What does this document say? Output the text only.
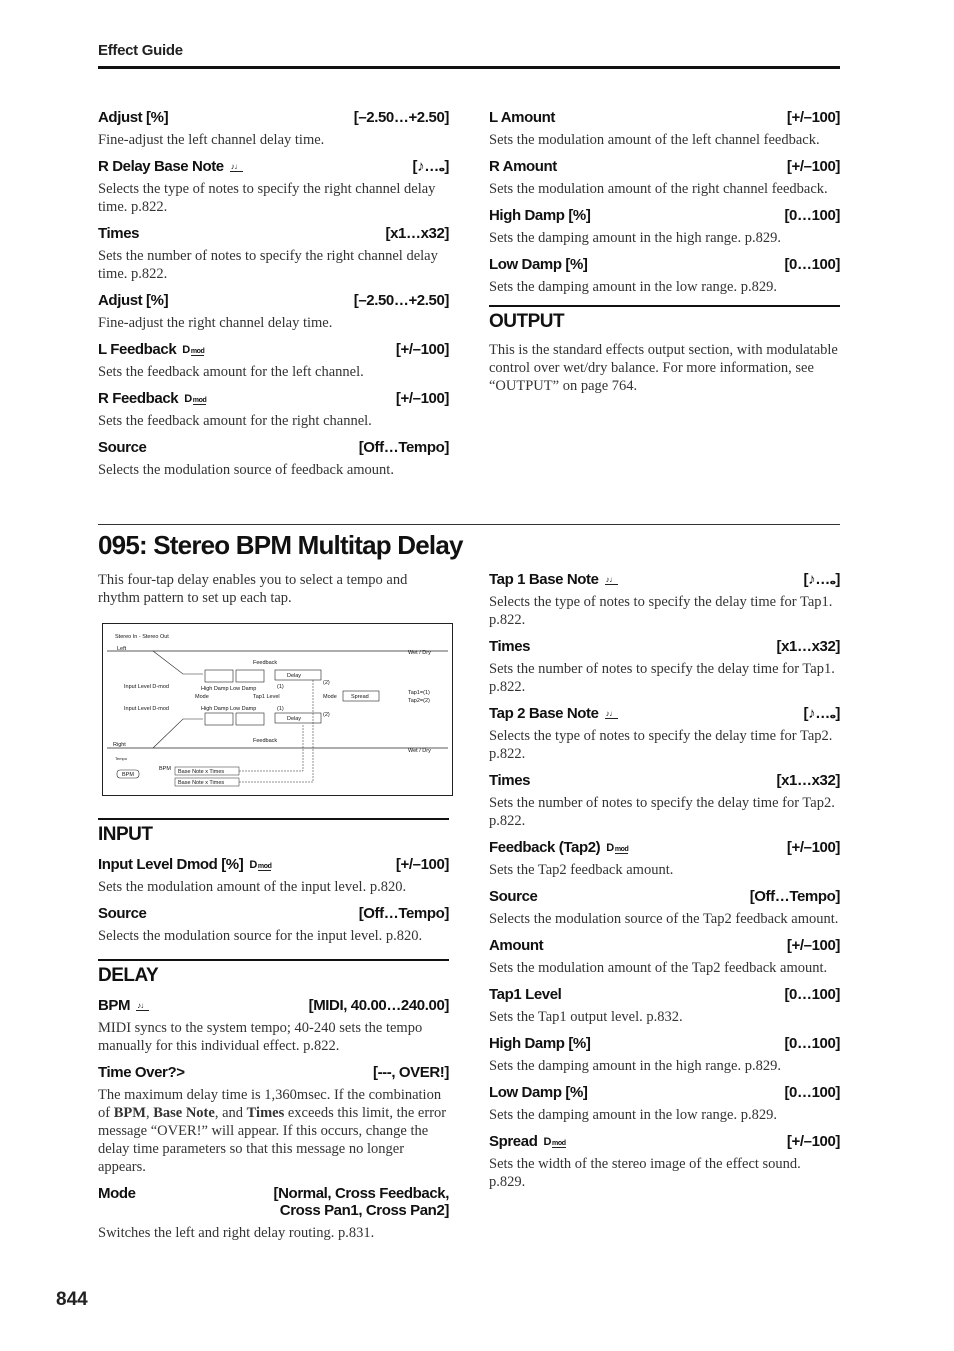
Effect Guide
Adjust [%]	[–2.50…+2.50]

Fine-adjust the left channel delay time.

R Delay Base Note ♪♩	[♪…𝅝]

Selects the type of notes to specify the right channel delay time. p.822.

Times	[x1…x32]

Sets the number of notes to specify the right channel delay time. p.822.

Adjust [%]	[–2.50…+2.50]

Fine-adjust the right channel delay time.

L Feedback D mod	[+/–100]

Sets the feedback amount for the left channel.

R Feedback D mod	[+/–100]

Sets the feedback amount for the right channel.

Source	[Off…Tempo]

Selects the modulation source of feedback amount.

L Amount	[+/–100]

Sets the modulation amount of the left channel feedback.

R Amount	[+/–100]

Sets the modulation amount of the right channel feedback.

High Damp [%]	[0…100]

Sets the damping amount in the high range. p.829.

Low Damp [%]	[0…100]

Sets the damping amount in the low range. p.829.

OUTPUT

This is the standard effects output section, with modulatable control over wet/dry balance. For more information, see “OUTPUT” on page 764.

095: Stereo BPM Multitap Delay

This four-tap delay enables you to select a tempo and rhythm pattern to set up each tap.

Stereo In - Stereo Out
Left
Right
Tempo
BPM
BPM
Input Level D-mod
Input Level D-mod
High Damp Low Damp
High Damp Low Damp
Mode	Tap1 Level
Delay
Delay
Feedback
Feedback
(1)
(1)
(2)
(2)
Mode	Spread
Wet / Dry
Wet / Dry
Tap1=(1)
Tap2=(2)
Base Note x Times
Base Note x Times
INPUT
Input Level Dmod [%] D mod	[+/–100]

Sets the modulation amount of the input level. p.820.

Source	[Off…Tempo]

Selects the modulation source for the input level. p.820.

DELAY
BPM ♪♩	[MIDI, 40.00…240.00]

MIDI syncs to the system tempo; 40-240 sets the tempo manually for this individual effect. p.822.

Time Over?>	[---, OVER!]

The maximum delay time is 1,360msec. If the combination of BPM, Base Note, and Times exceeds this limit, the error message “OVER!” will appear. If this occurs, change the delay time parameters so that this message no longer appears.

Mode	[Normal, Cross Feedback,
Cross Pan1, Cross Pan2]

Switches the left and right delay routing. p.831.

Tap 1 Base Note ♪♩	[♪…𝅝]

Selects the type of notes to specify the delay time for Tap1. p.822.

Times	[x1…x32]

Sets the number of notes to specify the delay time for Tap1. p.822.

Tap 2 Base Note ♪♩	[♪…𝅝]

Selects the type of notes to specify the delay time for Tap2. p.822.

Times	[x1…x32]

Sets the number of notes to specify the delay time for Tap2. p.822.

Feedback (Tap2) D mod	[+/–100]

Sets the Tap2 feedback amount.

Source	[Off…Tempo]

Selects the modulation source of the Tap2 feedback amount.

Amount	[+/–100]

Sets the modulation amount of the Tap2 feedback amount.

Tap1 Level	[0…100]

Sets the Tap1 output level. p.832.

High Damp [%]	[0…100]

Sets the damping amount in the high range. p.829.

Low Damp [%]	[0…100]

Sets the damping amount in the low range. p.829.

Spread D mod	[+/–100]

Sets the width of the stereo image of the effect sound. p.829.

844
